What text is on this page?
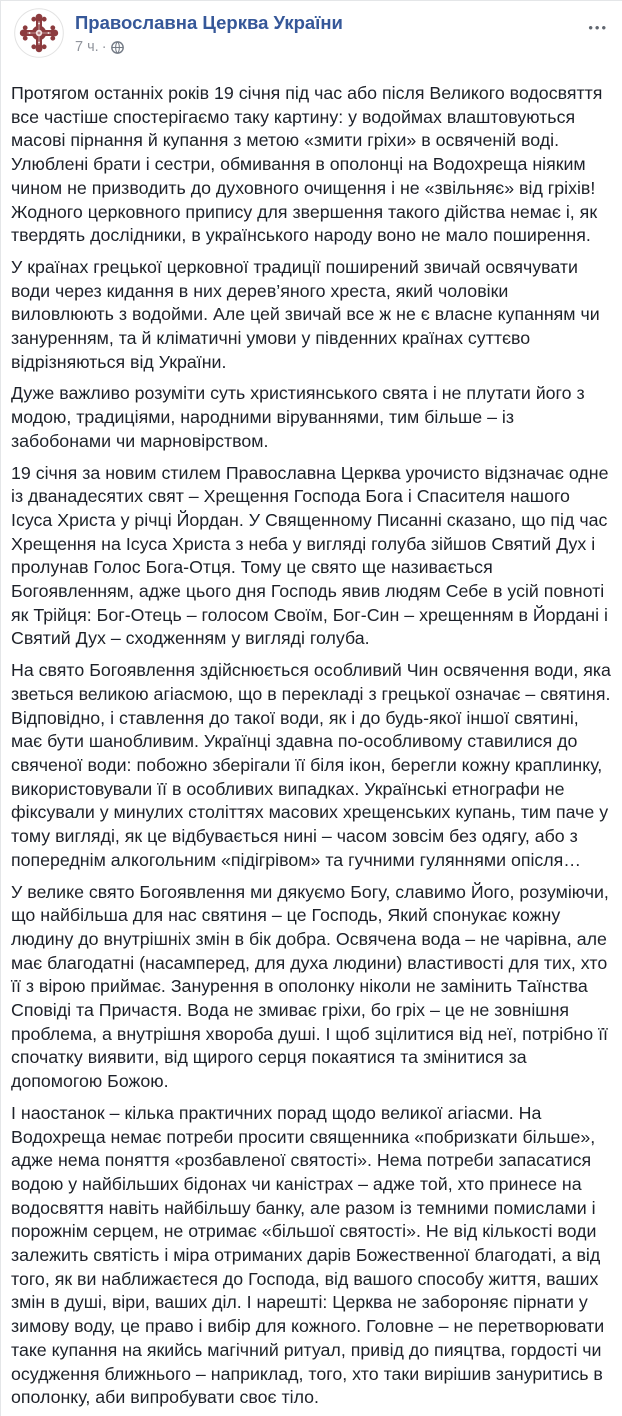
Православна Церква України
7 ч. ·
•••

Протягом останніх років 19 січня під час або після Великого водосвяття все частіше спостерігаємо таку картину: у водоймах влаштовуються масові пірнання й купання з метою «змити гріхи» в освяченій воді. Улюблені брати і сестри, обмивання в ополонці на Водохреща ніяким чином не призводить до духовного очищення і не «звільняє» від гріхів! Жодного церковного припису для звершення такого дійства немає і, як твердять дослідники, в українського народу воно не мало поширення.

У країнах грецької церковної традиції поширений звичай освячувати води через кидання в них дерев’яного хреста, який чоловіки виловлюють з водойми. Але цей звичай все ж не є власне купанням чи зануренням, та й кліматичні умови у південних країнах суттєво відрізняються від України.

Дуже важливо розуміти суть християнського свята і не плутати його з модою, традиціями, народними віруваннями, тим більше – із забобонами чи марновірством.

19 січня за новим стилем Православна Церква урочисто відзначає одне із дванадесятих свят – Хрещення Господа Бога і Спасителя нашого Ісуса Христа у річці Йордан. У Священному Писанні сказано, що під час Хрещення на Ісуса Христа з неба у вигляді голуба зійшов Святий Дух і пролунав Голос Бога-Отця. Тому це свято ще називається Богоявленням, адже цього дня Господь явив людям Себе в усій повноті як Трійця: Бог-Отець – голосом Своїм, Бог-Син – хрещенням в Йордані і Святий Дух – сходженням у вигляді голуба.

На свято Богоявлення здійснюється особливий Чин освячення води, яка зветься великою агіасмою, що в перекладі з грецької означає – святиня. Відповідно, і ставлення до такої води, як і до будь-якої іншої святині, має бути шанобливим. Українці здавна по-особливому ставилися до свяченої води: побожно зберігали її біля ікон, берегли кожну краплинку, використовували її в особливих випадках. Українські етнографи не фіксували у минулих століттях масових хрещенських купань, тим паче у тому вигляді, як це відбувається нині – часом зовсім без одягу, або з попереднім алкогольним «підігрівом» та гучними гуляннями опісля…

У велике свято Богоявлення ми дякуємо Богу, славимо Його, розуміючи, що найбільша для нас святиня – це Господь, Який спонукає кожну людину до внутрішніх змін в бік добра. Освячена вода – не чарівна, але має благодатні (насамперед, для духа людини) властивості для тих, хто її з вірою приймає. Занурення в ополонку ніколи не замінить Таїнства Сповіді та Причастя. Вода не змиває гріхи, бо гріх – це не зовнішня проблема, а внутрішня хвороба душі. І щоб зцілитися від неї, потрібно її спочатку виявити, від щирого серця покаятися та змінитися за допомогою Божою.

І наостанок – кілька практичних порад щодо великої агіасми. На Водохреща немає потреби просити священника «побризкати більше», адже нема поняття «розбавленої святості». Нема потреби запасатися водою у найбільших бідонах чи каністрах – адже той, хто принесе на водосвяття навіть найбільшу банку, але разом із темними помислами і порожнім серцем, не отримає «більшої святості». Не від кількості води залежить святість і міра отриманих дарів Божественної благодаті, а від того, як ви наближаєтеся до Господа, від вашого способу життя, ваших змін в душі, віри, ваших діл. І нарешті: Церква не забороняє пірнати у зимову воду, це право і вибір для кожного. Головне – не перетворювати таке купання на якийсь магічний ритуал, привід до пияцтва, гордості чи осудження ближнього – наприклад, того, хто таки вирішив зануритись в ополонку, аби випробувати своє тіло.
